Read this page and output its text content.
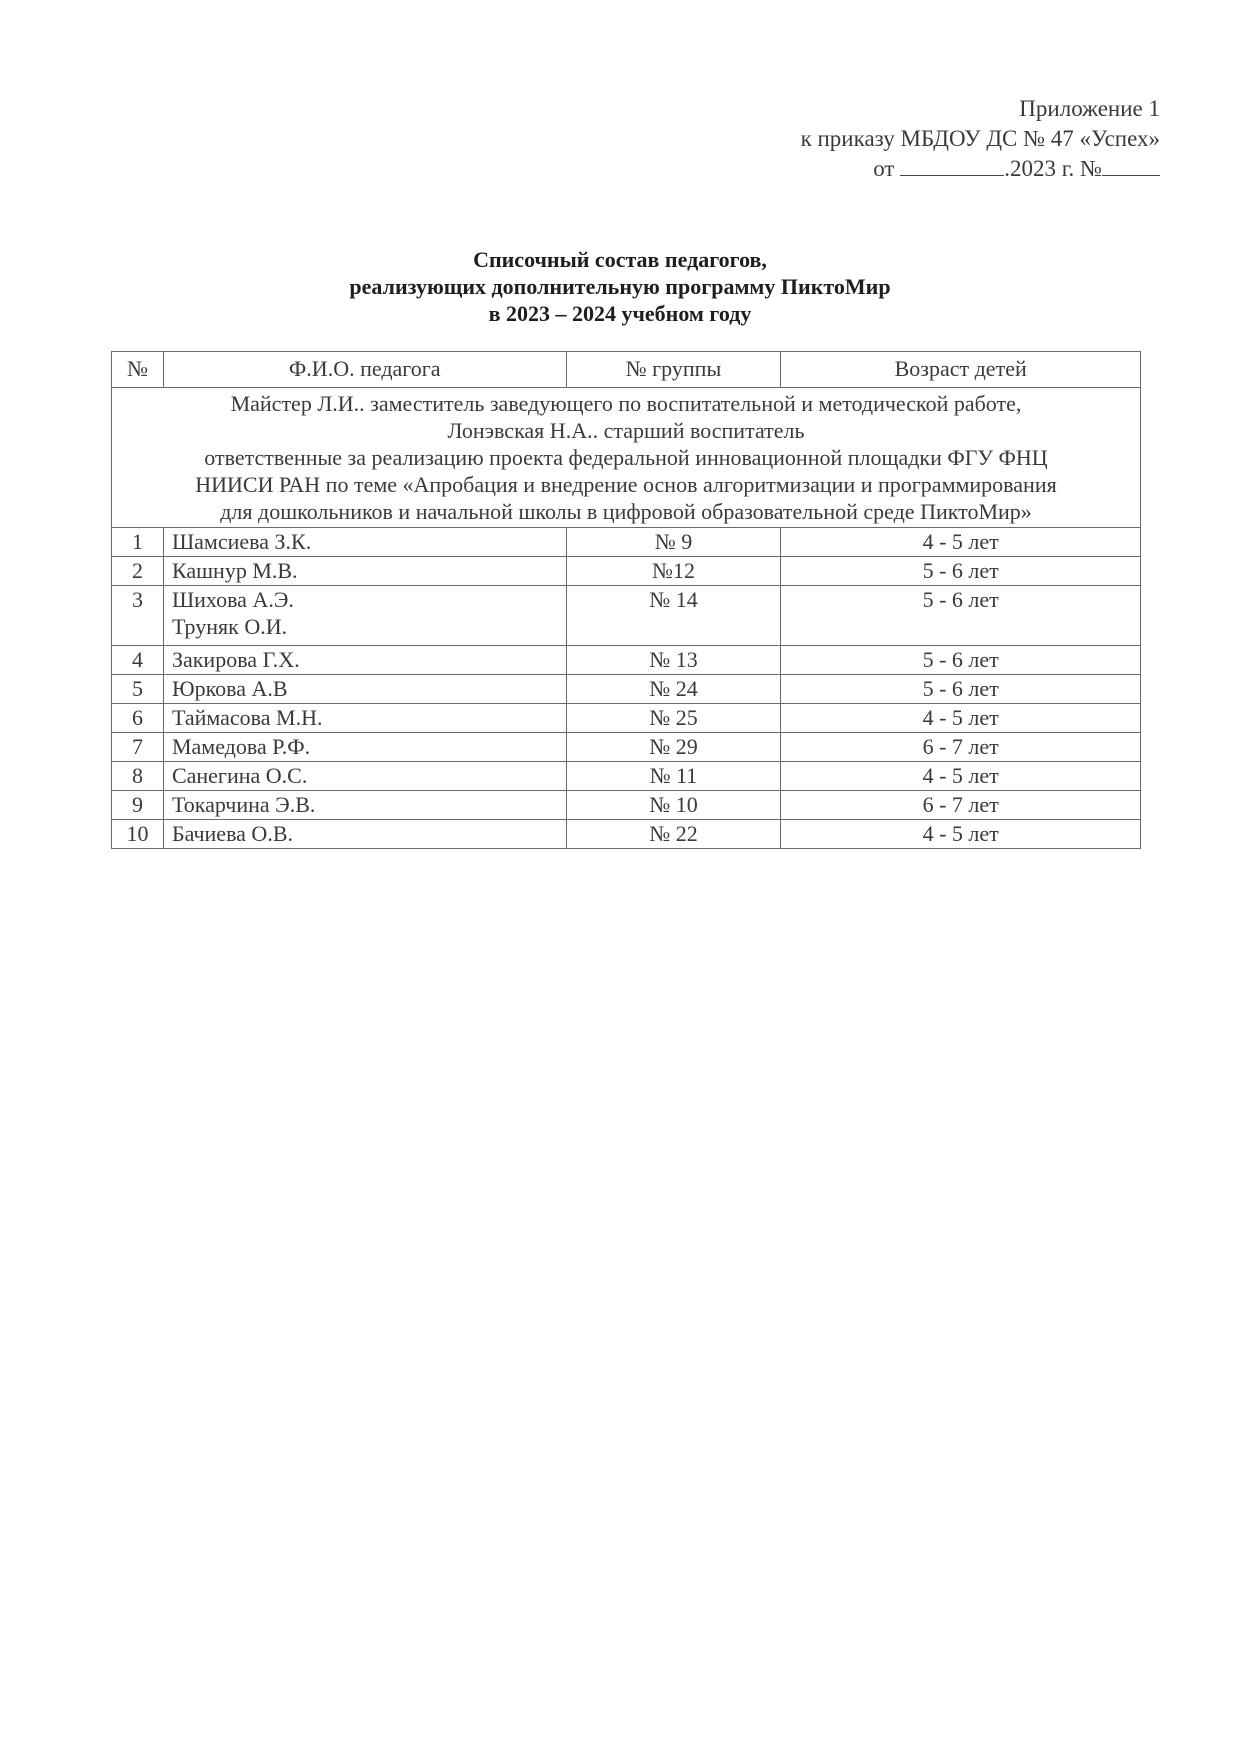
Приложение 1
к приказу МБДОУ ДС № 47 «Успех»
от	.2023 г. №
Списочный состав педагогов,
реализующих дополнительную программу ПиктоМир
в 2023 – 2024 учебном году
№	Ф.И.О. педагога	№ группы	Возраст детей

Майстер Л.И.. заместитель заведующего по воспитательной и методической работе,
Лонэвская Н.А.. старший воспитатель
ответственные за реализацию проекта федеральной инновационной площадки ФГУ ФНЦ
НИИСИ РАН по теме «Апробация и внедрение основ алгоритмизации и программирования
для дошкольников и начальной школы в цифровой образовательной среде ПиктоМир»			

1	Шамсиева З.К.	№ 9	4 - 5 лет
2	Кашнур М.В.	№12	5 - 6 лет
3	Шихова А.Э.
Труняк О.И.	№ 14	5 - 6 лет
4	Закирова Г.Х.	№ 13	5 - 6 лет
5	Юркова А.В	№ 24	5 - 6 лет
6	Таймасова М.Н.	№ 25	4 - 5 лет
7	Мамедова Р.Ф.	№ 29	6 - 7 лет
8	Санегина О.С.	№ 11	4 - 5 лет
9	Токарчина Э.В.	№ 10	6 - 7 лет
10	Бачиева О.В.	№ 22	4 - 5 лет
